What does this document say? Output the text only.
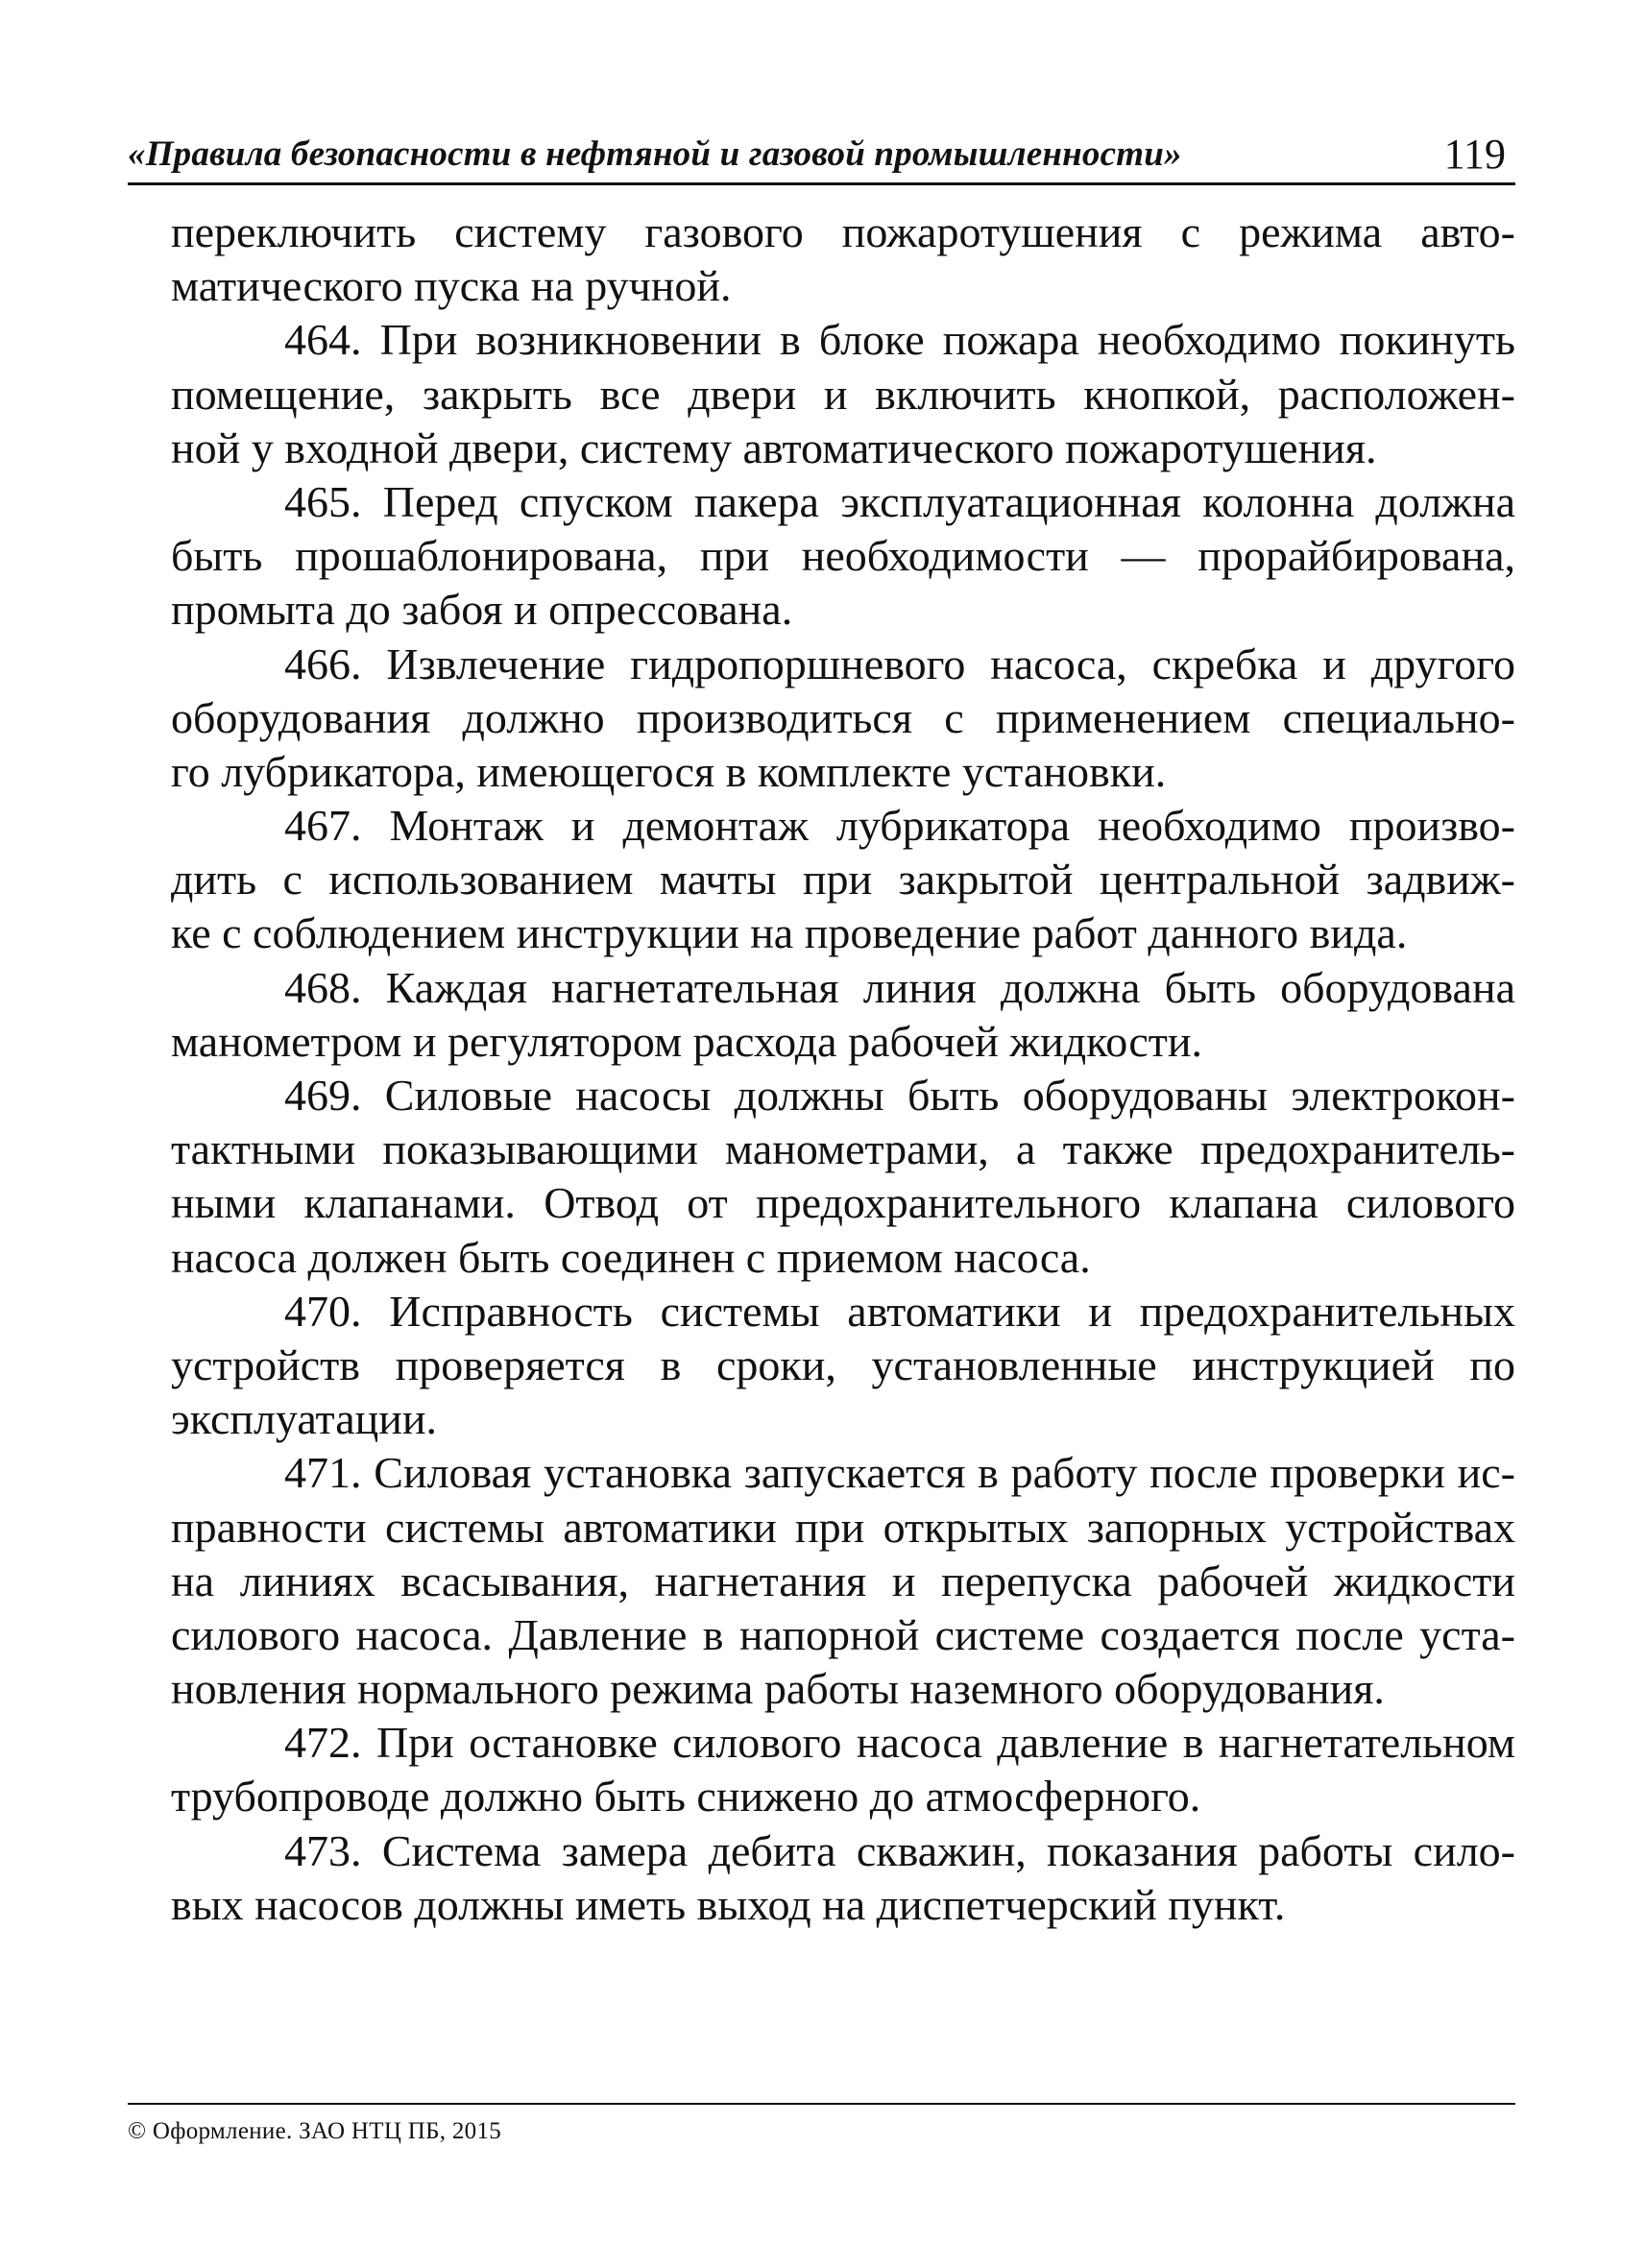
«Правила безопасности в нефтяной и газовой промышленности»	119
переключить систему газового пожаротушения с режима авто-
матического пуска на ручной.
464. При возникновении в блоке пожара необходимо покинуть
помещение, закрыть все двери и включить кнопкой, расположен-
ной у входной двери, систему автоматического пожаротушения.
465. Перед спуском пакера эксплуатационная колонна должна
быть прошаблонирована, при необходимости — прорайбирована,
промыта до забоя и опрессована.
466. Извлечение гидропоршневого насоса, скребка и другого
оборудования должно производиться с применением специально-
го лубрикатора, имеющегося в комплекте установки.
467. Монтаж и демонтаж лубрикатора необходимо произво-
дить с использованием мачты при закрытой центральной задвиж-
ке с соблюдением инструкции на проведение работ данного вида.
468. Каждая нагнетательная линия должна быть оборудована
манометром и регулятором расхода рабочей жидкости.
469. Силовые насосы должны быть оборудованы электрокон-
тактными показывающими манометрами, а также предохранитель-
ными клапанами. Отвод от предохранительного клапана силового
насоса должен быть соединен с приемом насоса.
470. Исправность системы автоматики и предохранительных
устройств проверяется в сроки, установленные инструкцией по
эксплуатации.
471. Силовая установка запускается в работу после проверки ис-
правности системы автоматики при открытых запорных устройствах
на линиях всасывания, нагнетания и перепуска рабочей жидкости
силового насоса. Давление в напорной системе создается после уста-
новления нормального режима работы наземного оборудования.
472. При остановке силового насоса давление в нагнетательном
трубопроводе должно быть снижено до атмосферного.
473. Система замера дебита скважин, показания работы сило-
вых насосов должны иметь выход на диспетчерский пункт.
© Оформление. ЗАО НТЦ ПБ, 2015
